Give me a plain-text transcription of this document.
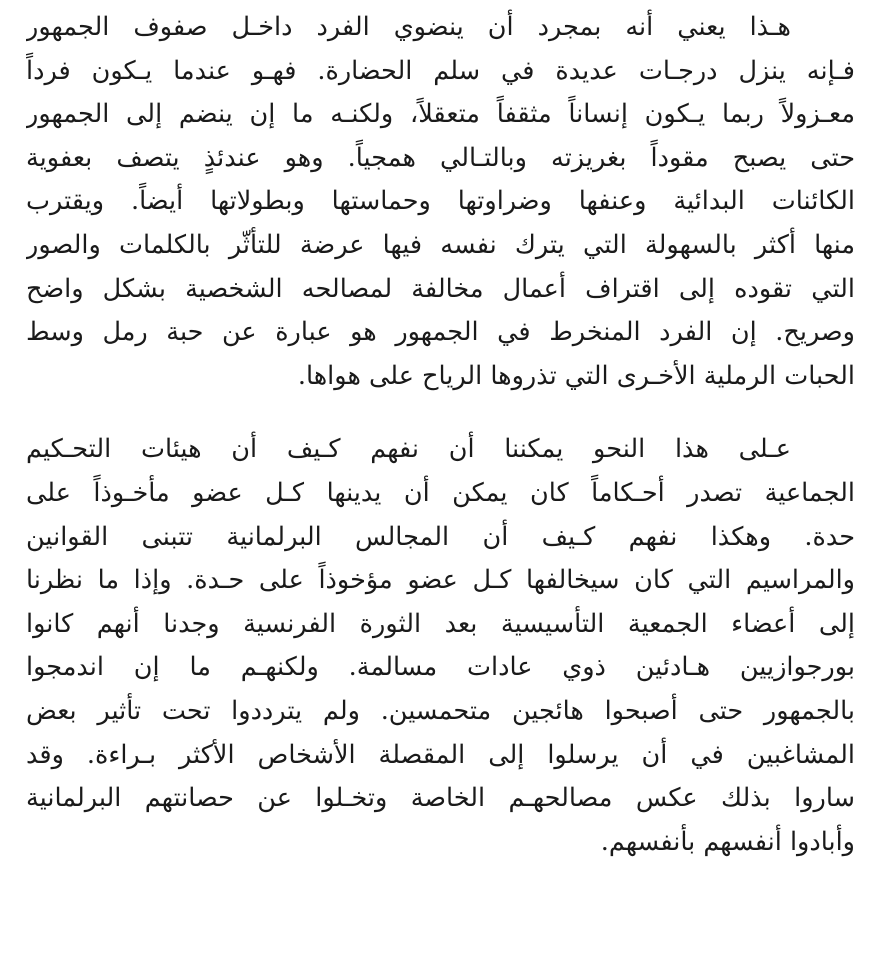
هـذا يعني أنه بمجرد أن ينضوي الفرد داخـل صفوف الجمهور
فـإنه ينزل درجـات عديدة في سلم الحضارة. فهـو عندما يـكون فرداً
معـزولاً ربما يـكون إنساناً مثقفاً متعقلاً، ولكنـه ما إن ينضم إلى الجمهور
حتى يصبح مقوداً بغريزته وبالتـالي همجياً. وهو عندئذٍ يتصف بعفوية
الكائنات البدائية وعنفها وضراوتها وحماستها وبطولاتها أيضاً. ويقترب
منها أكثر بالسهولة التي يترك نفسه فيها عرضة للتأثّر بالكلمات والصور
التي تقوده إلى اقتراف أعمال مخالفة لمصالحه الشخصية بشكل واضح
وصريح. إن الفرد المنخرط في الجمهور هو عبارة عن حبة رمل وسط
الحبات الرملية الأخـرى التي تذروها الرياح على هواها.
عـلى هذا النحو يمكننا أن نفهم كـيف أن هيئات التحـكيم
الجماعية تصدر أحـكاماً كان يمكن أن يدينها كـل عضو مأخـوذاً على
حدة. وهكذا نفهم كـيف أن المجالس البرلمانية تتبنى القوانين
والمراسيم التي كان سيخالفها كـل عضو مؤخوذاً على حـدة. وإذا ما نظرنا
إلى أعضاء الجمعية التأسيسية بعد الثورة الفرنسية وجدنا أنهم كانوا
بورجوازيين هـادئين ذوي عادات مسالمة. ولكنهـم ما إن اندمجوا
بالجمهور حتى أصبحوا هائجين متحمسين. ولم يترددوا تحت تأثير بعض
المشاغبين في أن يرسلوا إلى المقصلة الأشخاص الأكثر بـراءة. وقد
ساروا بذلك عكس مصالحهـم الخاصة وتخـلوا عن حصانتهم البرلمانية
وأبادوا أنفسهم بأنفسهم.
